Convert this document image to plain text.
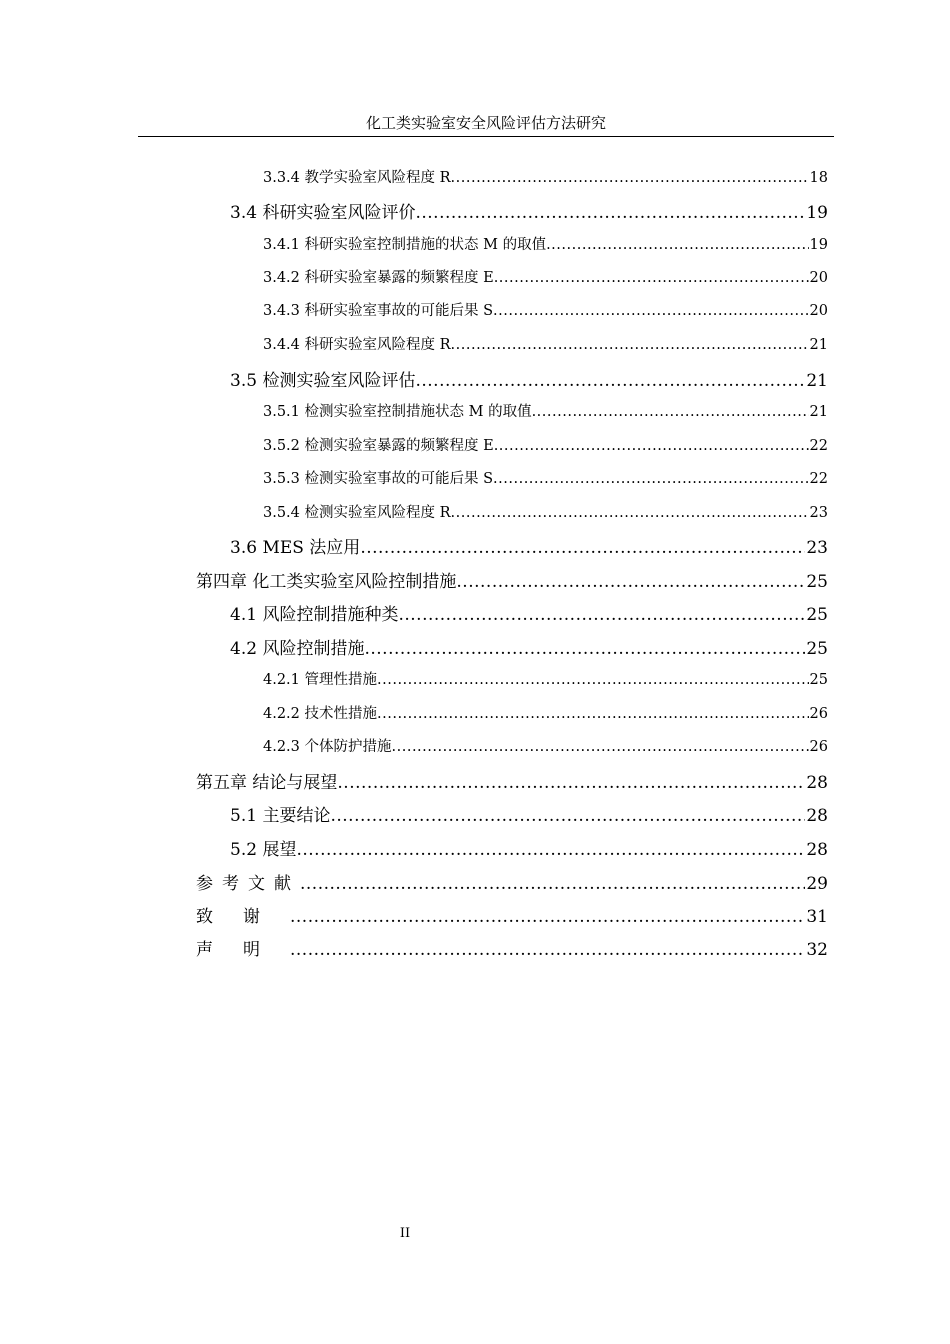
化工类实验室安全风险评估方法研究
3.3.4 教学实验室风险程度 R .....	18
3.4 科研实验室风险评价 .....	19
3.4.1 科研实验室控制措施的状态 M 的取值 .....	19
3.4.2 科研实验室暴露的频繁程度 E .....	20
3.4.3 科研实验室事故的可能后果 S .....	20
3.4.4 科研实验室风险程度 R .....	21
3.5 检测实验室风险评估 .....	21
3.5.1 检测实验室控制措施状态 M 的取值 .....	21
3.5.2 检测实验室暴露的频繁程度 E .....	22
3.5.3 检测实验室事故的可能后果 S .....	22
3.5.4 检测实验室风险程度 R .....	23
3.6 MES 法应用 .....	23
第四章 化工类实验室风险控制措施 .....	25
4.1 风险控制措施种类 .....	25
4.2 风险控制措施 .....	25
4.2.1 管理性措施 .....	25
4.2.2 技术性措施 .....	26
4.2.3 个体防护措施 .....	26
第五章 结论与展望 .....	28
5.1 主要结论 .....	28
5.2 展望 .....	28
参考文献 .....	29
致谢 .....	31
声明 .....	32
II
